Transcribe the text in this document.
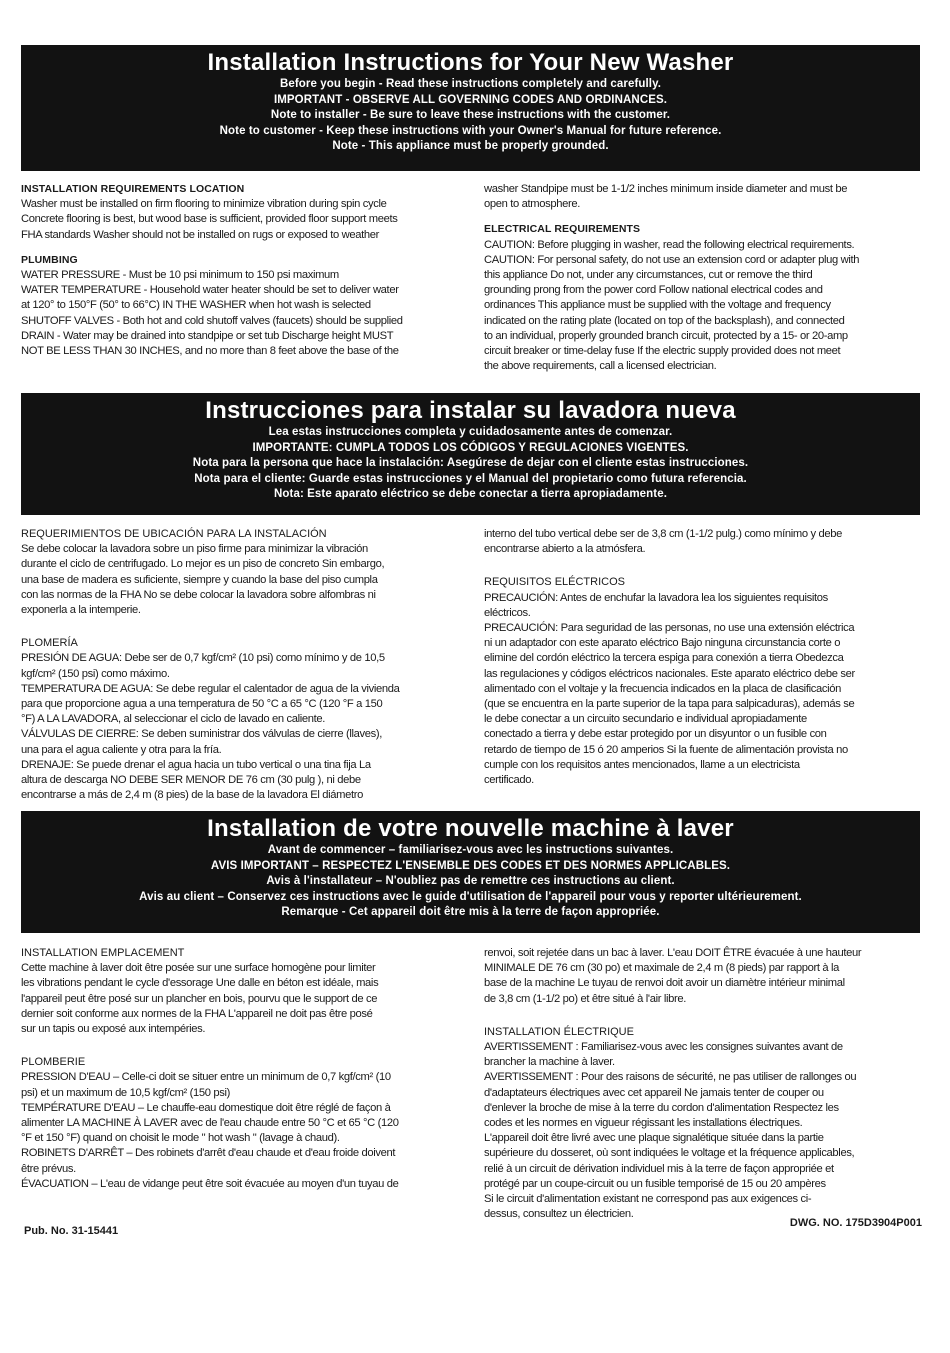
Installation Instructions for Your New Washer
Before you begin - Read these instructions completely and carefully.
IMPORTANT - OBSERVE ALL GOVERNING CODES AND ORDINANCES.
Note to installer - Be sure to leave these instructions with the customer.
Note to customer - Keep these instructions with your Owner's Manual for future reference.
Note - This appliance must be properly grounded.

INSTALLATION REQUIREMENTS LOCATION

Washer must be installed on firm flooring to minimize vibration during spin cycle

Concrete flooring is best, but wood base is sufficient, provided floor support meets

FHA standards Washer should not be installed on rugs or exposed to weather

PLUMBING

WATER PRESSURE - Must be 10 psi minimum to 150 psi maximum

WATER TEMPERATURE - Household water heater should be set to deliver water

at 120° to 150°F (50° to 66°C) IN THE WASHER when hot wash is selected

SHUTOFF VALVES - Both hot and cold shutoff valves (faucets) should be supplied

DRAIN - Water may be drained into standpipe or set tub Discharge height MUST

NOT BE LESS THAN 30 INCHES, and no more than 8 feet above the base of the

washer Standpipe must be 1-1/2 inches minimum inside diameter and must be

open to atmosphere.

ELECTRICAL REQUIREMENTS

CAUTION: Before plugging in washer, read the following electrical requirements.

CAUTION: For personal safety, do not use an extension cord or adapter plug with

this appliance Do not, under any circumstances, cut or remove the third

grounding prong from the power cord Follow national electrical codes and

ordinances This appliance must be supplied with the voltage and frequency

indicated on the rating plate (located on top of the backsplash), and connected

to an individual, properly grounded branch circuit, protected by a 15- or 20-amp

circuit breaker or time-delay fuse If the electric supply provided does not meet

the above requirements, call a licensed electrician.

Instrucciones para instalar su lavadora nueva
Lea estas instrucciones completa y cuidadosamente antes de comenzar.
IMPORTANTE: CUMPLA TODOS LOS CÓDIGOS Y REGULACIONES VIGENTES.
Nota para la persona que hace la instalación: Asegúrese de dejar con el cliente estas instrucciones.
Nota para el cliente: Guarde estas instrucciones y el Manual del propietario como futura referencia.
Nota: Este aparato eléctrico se debe conectar a tierra apropiadamente.

REQUERIMIENTOS DE UBICACIÓN PARA LA INSTALACIÓN

Se debe colocar la lavadora sobre un piso firme para minimizar la vibración

durante el ciclo de centrifugado. Lo mejor es un piso de concreto Sin embargo,

una base de madera es suficiente, siempre y cuando la base del piso cumpla

con las normas de la FHA No se debe colocar la lavadora sobre alfombras ni

exponerla a la intemperie.

PLOMERÍA

PRESIÓN DE AGUA: Debe ser de 0,7 kgf/cm² (10 psi) como mínimo y de 10,5

kgf/cm² (150 psi) como máximo.

TEMPERATURA DE AGUA: Se debe regular el calentador de agua de la vivienda

para que proporcione agua a una temperatura de 50 °C a 65 °C (120 °F a 150

°F) A LA LAVADORA, al seleccionar el ciclo de lavado en caliente.

VÁLVULAS DE CIERRE: Se deben suministrar dos válvulas de cierre (llaves),

una para el agua caliente y otra para la fría.

DRENAJE: Se puede drenar el agua hacia un tubo vertical o una tina fija La

altura de descarga NO DEBE SER MENOR DE 76 cm (30 pulg ), ni debe

encontrarse a más de 2,4 m (8 pies) de la base de la lavadora El diámetro

interno del tubo vertical debe ser de 3,8 cm (1-1/2 pulg.) como mínimo y debe

encontrarse abierto a la atmósfera.

REQUISITOS ELÉCTRICOS

PRECAUCIÓN: Antes de enchufar la lavadora lea los siguientes requisitos

eléctricos.

PRECAUCIÓN: Para seguridad de las personas, no use una extensión eléctrica

ni un adaptador con este aparato eléctrico Bajo ninguna circunstancia corte o

elimine del cordón eléctrico la tercera espiga para conexión a tierra Obedezca

las regulaciones y códigos eléctricos nacionales. Este aparato eléctrico debe ser

alimentado con el voltaje y la frecuencia indicados en la placa de clasificación

(que se encuentra en la parte superior de la tapa para salpicaduras), además se

le debe conectar a un circuito secundario e individual apropiadamente

conectado a tierra y debe estar protegido por un disyuntor o un fusible con

retardo de tiempo de 15 ó 20 amperios Si la fuente de alimentación provista no

cumple con los requisitos antes mencionados, llame a un electricista

certificado.

Installation de votre nouvelle machine à laver
Avant de commencer – familiarisez-vous avec les instructions suivantes.
AVIS IMPORTANT – RESPECTEZ L'ENSEMBLE DES CODES ET DES NORMES APPLICABLES.
Avis à l'installateur – N'oubliez pas de remettre ces instructions au client.
Avis au client – Conservez ces instructions avec le guide d'utilisation de l'appareil pour vous y reporter ultérieurement.
Remarque - Cet appareil doit être mis à la terre de façon appropriée.

INSTALLATION EMPLACEMENT

Cette machine à laver doit être posée sur une surface homogène pour limiter

les vibrations pendant le cycle d'essorage Une dalle en béton est idéale, mais

l'appareil peut être posé sur un plancher en bois, pourvu que le support de ce

dernier soit conforme aux normes de la FHA L'appareil ne doit pas être posé

sur un tapis ou exposé aux intempéries.

PLOMBERIE

PRESSION D'EAU – Celle-ci doit se situer entre un minimum de 0,7 kgf/cm² (10

psi) et un maximum de 10,5 kgf/cm² (150 psi)

TEMPÉRATURE D'EAU – Le chauffe-eau domestique doit être réglé de façon à

alimenter LA MACHINE À LAVER avec de l'eau chaude entre 50 °C et 65 °C (120

°F et 150 °F) quand on choisit le mode " hot wash " (lavage à chaud).

ROBINETS D'ARRÊT – Des robinets d'arrêt d'eau chaude et d'eau froide doivent

être prévus.

ÉVACUATION – L'eau de vidange peut être soit évacuée au moyen d'un tuyau de

renvoi, soit rejetée dans un bac à laver. L'eau DOIT ÊTRE évacuée à une hauteur

MINIMALE DE 76 cm (30 po) et maximale de 2,4 m (8 pieds) par rapport à la

base de la machine Le tuyau de renvoi doit avoir un diamètre intérieur minimal

de 3,8 cm (1-1/2 po) et être situé à l'air libre.

INSTALLATION ÉLECTRIQUE

AVERTISSEMENT : Familiarisez-vous avec les consignes suivantes avant de

brancher la machine à laver.

AVERTISSEMENT : Pour des raisons de sécurité, ne pas utiliser de rallonges ou

d'adaptateurs électriques avec cet appareil Ne jamais tenter de couper ou

d'enlever la broche de mise à la terre du cordon d'alimentation Respectez les

codes et les normes en vigueur régissant les installations électriques.

L'appareil doit être livré avec une plaque signalétique située dans la partie

supérieure du dosseret, où sont indiquées le voltage et la fréquence applicables,

relié à un circuit de dérivation individuel mis à la terre de façon appropriée et

protégé par un coupe-circuit ou un fusible temporisé de 15 ou 20 ampères

Si le circuit d'alimentation existant ne correspond pas aux exigences ci-

dessus, consultez un électricien.

Pub. No. 31-15441
DWG. NO. 175D3904P001
